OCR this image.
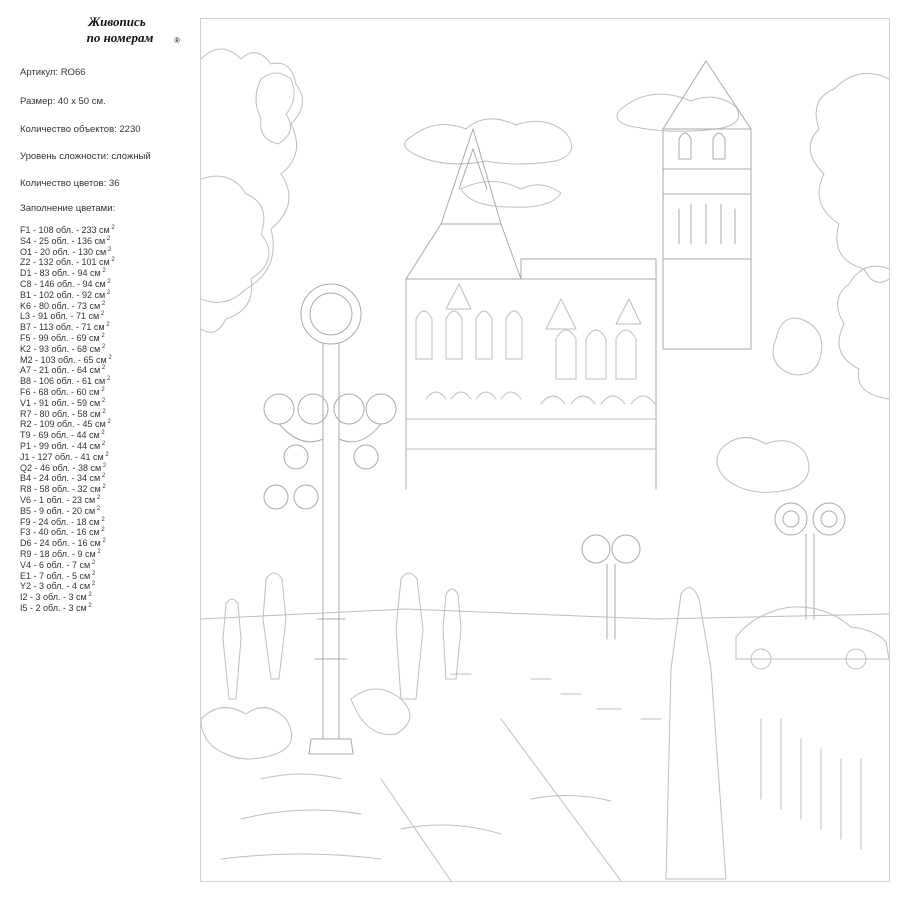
Живопись
по номерам	®
Артикул: RO66
Размер: 40 х 50 см.
Количество объектов: 2230
Уровень сложности: сложный
Количество цветов: 36
Заполнение цветами:
F1 - 108 обл. - 233 см $^2$
S4 - 25 обл. - 136 см $^2$
O1 - 20 обл. - 130 см $^2$
Z2 - 132 обл. - 101 см $^2$
D1 - 83 обл. - 94 см $^2$
C8 - 146 обл. - 94 см $^2$
B1 - 102 обл. - 92 см $^2$
K6 - 80 обл. - 73 см $^2$
L3 - 91 обл. - 71 см $^2$
B7 - 113 обл. - 71 см $^2$
F5 - 99 обл. - 69 см $^2$
K2 - 93 обл. - 68 см $^2$
M2 - 103 обл. - 65 см $^2$
A7 - 21 обл. - 64 см $^2$
B8 - 106 обл. - 61 см $^2$
F6 - 68 обл. - 60 см $^2$
V1 - 91 обл. - 59 см $^2$
R7 - 80 обл. - 58 см $^2$
R2 - 109 обл. - 45 см $^2$
T9 - 69 обл. - 44 см $^2$
P1 - 99 обл. - 44 см $^2$
J1 - 127 обл. - 41 см $^2$
Q2 - 46 обл. - 38 см $^2$
B4 - 24 обл. - 34 см $^2$
R8 - 58 обл. - 32 см $^2$
V6 - 1 обл. - 23 см $^2$
B5 - 9 обл. - 20 см $^2$
F9 - 24 обл. - 18 см $^2$
F3 - 40 обл. - 16 см $^2$
D6 - 24 обл. - 16 см $^2$
R9 - 18 обл. - 9 см $^2$
V4 - 6 обл. - 7 см $^2$
E1 - 7 обл. - 5 см $^2$
Y2 - 3 обл. - 4 см $^2$
I2 - 3 обл. - 3 см $^2$
I5 - 2 обл. - 3 см $^2$
